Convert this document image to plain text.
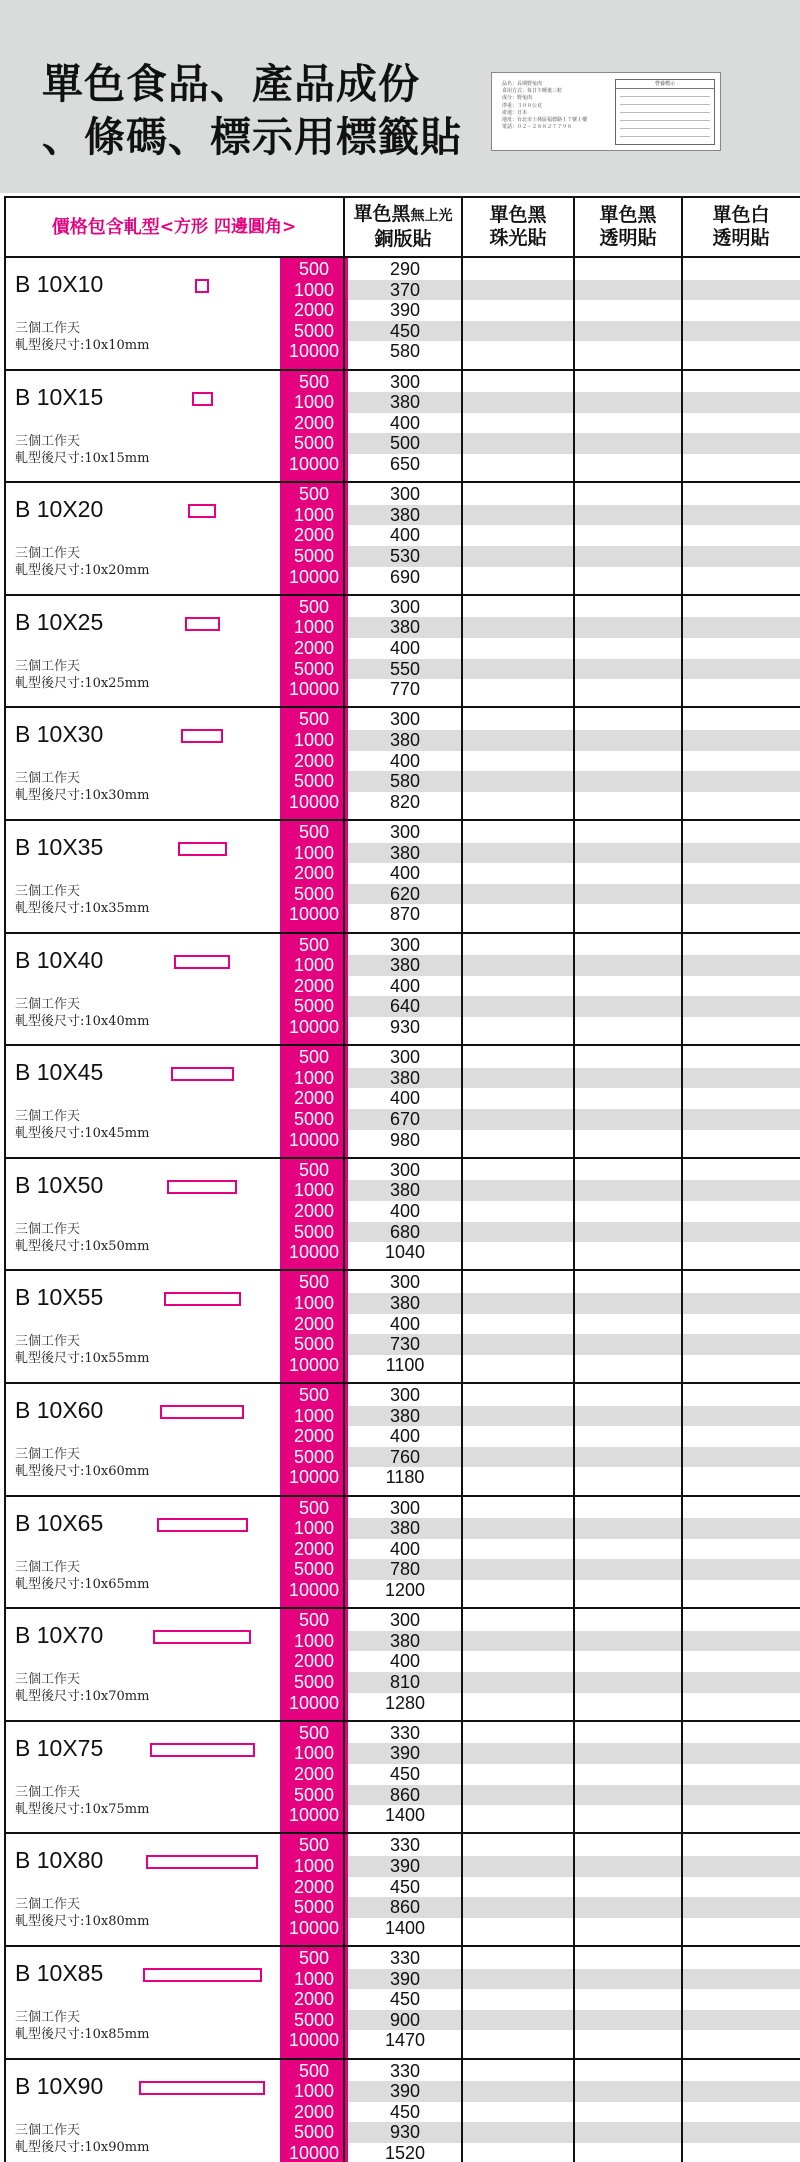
單色食品、產品成份
、條碼、標示用標籤貼
品名：長期野兔肉
食用方式：每日午睡後三粒
成分：野兔肉
淨重：３００公克
產地：日本
地址：台北市士林區福德路１７號１樓
電話：０２－２８８２７７９８
營養標示
價格包含軋型 <方形 四邊圓角>
單色黑無上光
銅版貼
單色黑
珠光貼
單色黑
透明貼
單色白
透明貼
B 10X10
三個工作天
軋型後尺寸:10x10mm
500
1000
2000
5000
10000
290
370
390
450
580
B 10X15
三個工作天
軋型後尺寸:10x15mm
500
1000
2000
5000
10000
300
380
400
500
650
B 10X20
三個工作天
軋型後尺寸:10x20mm
500
1000
2000
5000
10000
300
380
400
530
690
B 10X25
三個工作天
軋型後尺寸:10x25mm
500
1000
2000
5000
10000
300
380
400
550
770
B 10X30
三個工作天
軋型後尺寸:10x30mm
500
1000
2000
5000
10000
300
380
400
580
820
B 10X35
三個工作天
軋型後尺寸:10x35mm
500
1000
2000
5000
10000
300
380
400
620
870
B 10X40
三個工作天
軋型後尺寸:10x40mm
500
1000
2000
5000
10000
300
380
400
640
930
B 10X45
三個工作天
軋型後尺寸:10x45mm
500
1000
2000
5000
10000
300
380
400
670
980
B 10X50
三個工作天
軋型後尺寸:10x50mm
500
1000
2000
5000
10000
300
380
400
680
1040
B 10X55
三個工作天
軋型後尺寸:10x55mm
500
1000
2000
5000
10000
300
380
400
730
1100
B 10X60
三個工作天
軋型後尺寸:10x60mm
500
1000
2000
5000
10000
300
380
400
760
1180
B 10X65
三個工作天
軋型後尺寸:10x65mm
500
1000
2000
5000
10000
300
380
400
780
1200
B 10X70
三個工作天
軋型後尺寸:10x70mm
500
1000
2000
5000
10000
300
380
400
810
1280
B 10X75
三個工作天
軋型後尺寸:10x75mm
500
1000
2000
5000
10000
330
390
450
860
1400
B 10X80
三個工作天
軋型後尺寸:10x80mm
500
1000
2000
5000
10000
330
390
450
860
1400
B 10X85
三個工作天
軋型後尺寸:10x85mm
500
1000
2000
5000
10000
330
390
450
900
1470
B 10X90
三個工作天
軋型後尺寸:10x90mm
500
1000
2000
5000
10000
330
390
450
930
1520
